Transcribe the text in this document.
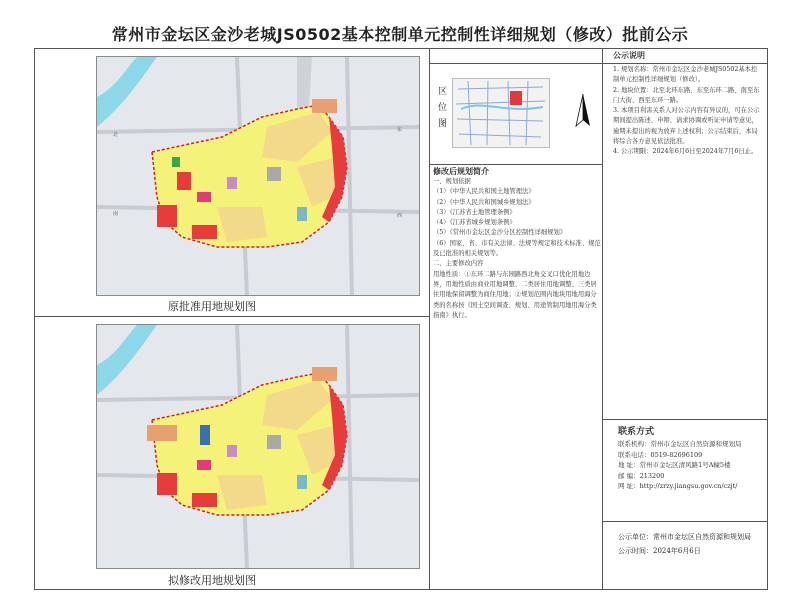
常州市金坛区金沙老城JS0502基本控制单元控制性详细规划（修改）批前公示
北
东
南	西
原批准用地规划图
拟修改用地规划图
区
位
图
修改后规划简介
一、规划依据
（1）《中华人民共和国土地管理法》
（2）《中华人民共和国城乡规划法》
（3）《江苏省土地管理条例》
（4）《江苏省城乡规划条例》
（5）《常州市金坛区金沙分区控制性详细规划》
（6）国家、省、市有关法律、法规等规定和技术标准、规范及已批准的相关规划等。
二、主要修改内容
用地性质：①东环二路与东园路西北角交叉口优化用地边界，用地性质由商业用地调整、二类居住用地调整、三类居住用地保留调整为商住用地；②规划范围内地块用地用海分类的名称按《国土空间调查、规划、用途管制用地用海分类指南》执行。
公示说明

1. 规划名称：常州市金坛区金沙老城JS0502基本控制单元控制性详细规划（修改）。

2. 地块位置：北至北环东路、东至东环二路、南至东门大街、西至东环一路。

3. 本项目利害关系人对公示内容有异议的，可在公示期间提出陈述、申辩、请求协调或听证申请等意见，逾期未提出的视为放弃上述权利；公示结束后，本局将综合各方意见依法批准。

4. 公示期限：2024年6月6日至2024年7月6日止。

联系方式
联系机构：常州市金坛区自然资源和规划局
联系电话：0519-82696109
地 址：常州市金坛区清风路1号A幢5楼
邮 编：213200
网 址：http://zrzy.jiangsu.gov.cn/czjt/
公示单位：常州市金坛区自然资源和规划局
公示时间：2024年6月6日
